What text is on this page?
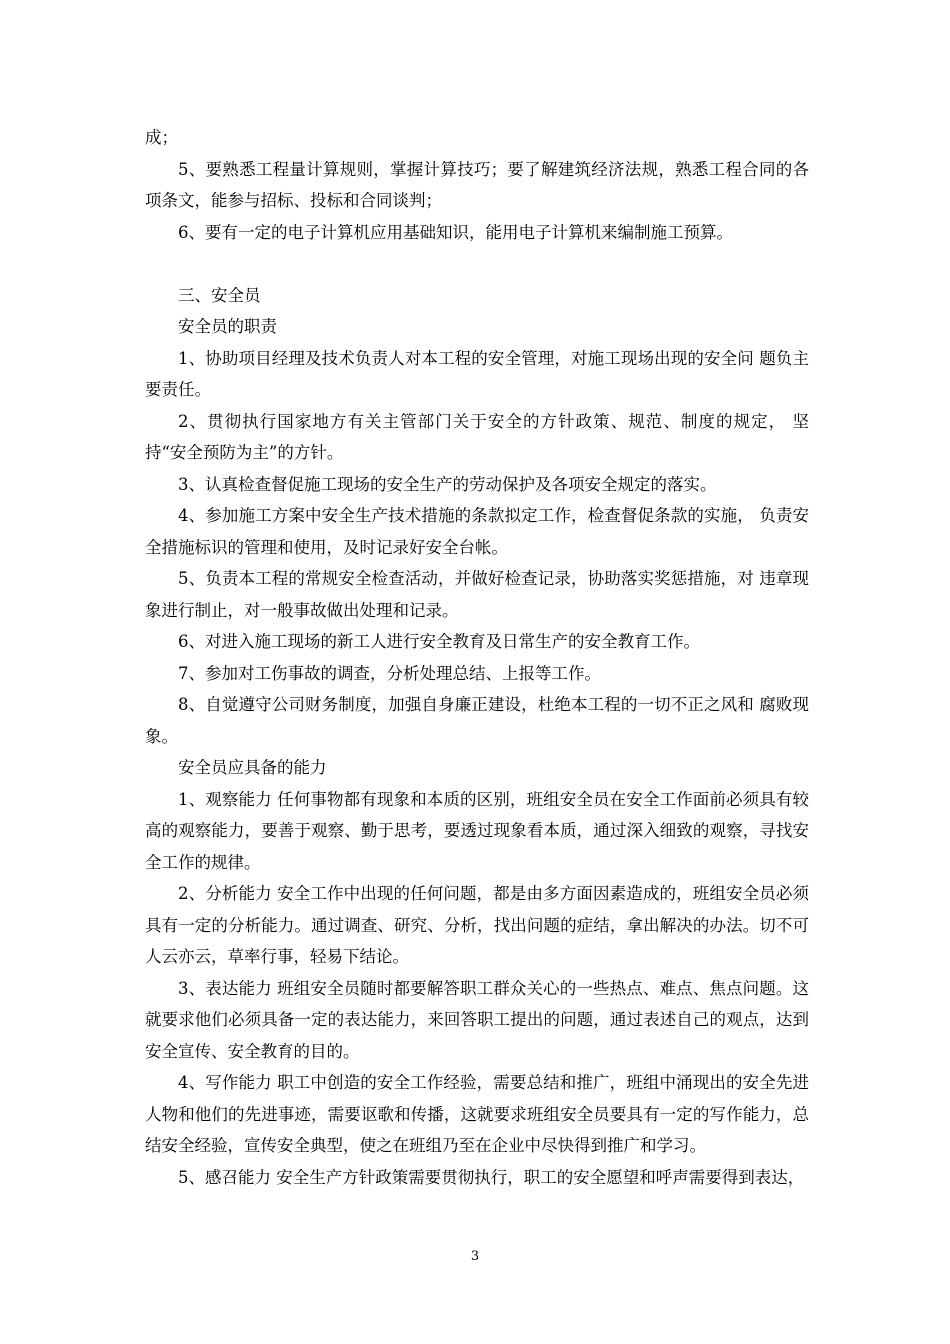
成；

5、要熟悉工程量计算规则，掌握计算技巧；要了解建筑经济法规，熟悉工程合同的各项条文，能参与招标、投标和合同谈判；

6、要有一定的电子计算机应用基础知识，能用电子计算机来编制施工预算。

三、安全员

安全员的职责

1、协助项目经理及技术负责人对本工程的安全管理，对施工现场出现的安全问 题负主要责任。

2、贯彻执行国家地方有关主管部门关于安全的方针政策、规范、制度的规定， 坚持“安全预防为主”的方针。

3、认真检查督促施工现场的安全生产的劳动保护及各项安全规定的落实。

4、参加施工方案中安全生产技术措施的条款拟定工作，检查督促条款的实施， 负责安全措施标识的管理和使用，及时记录好安全台帐。

5、负责本工程的常规安全检查活动，并做好检查记录，协助落实奖惩措施，对 违章现象进行制止，对一般事故做出处理和记录。

6、对进入施工现场的新工人进行安全教育及日常生产的安全教育工作。

7、参加对工伤事故的调查，分析处理总结、上报等工作。

8、自觉遵守公司财务制度，加强自身廉正建设，杜绝本工程的一切不正之风和 腐败现象。

安全员应具备的能力

1、观察能力 任何事物都有现象和本质的区别，班组安全员在安全工作面前必须具有较高的观察能力，要善于观察、勤于思考，要透过现象看本质，通过深入细致的观察，寻找安全工作的规律。

2、分析能力 安全工作中出现的任何问题，都是由多方面因素造成的，班组安全员必须具有一定的分析能力。通过调查、研究、分析，找出问题的症结，拿出解决的办法。切不可人云亦云，草率行事，轻易下结论。

3、表达能力 班组安全员随时都要解答职工群众关心的一些热点、难点、焦点问题。这就要求他们必须具备一定的表达能力，来回答职工提出的问题，通过表述自己的观点，达到安全宣传、安全教育的目的。

4、写作能力 职工中创造的安全工作经验，需要总结和推广，班组中涌现出的安全先进人物和他们的先进事迹，需要讴歌和传播，这就要求班组安全员要具有一定的写作能力，总结安全经验，宣传安全典型，使之在班组乃至在企业中尽快得到推广和学习。

5、感召能力 安全生产方针政策需要贯彻执行，职工的安全愿望和呼声需要得到表达，

3
